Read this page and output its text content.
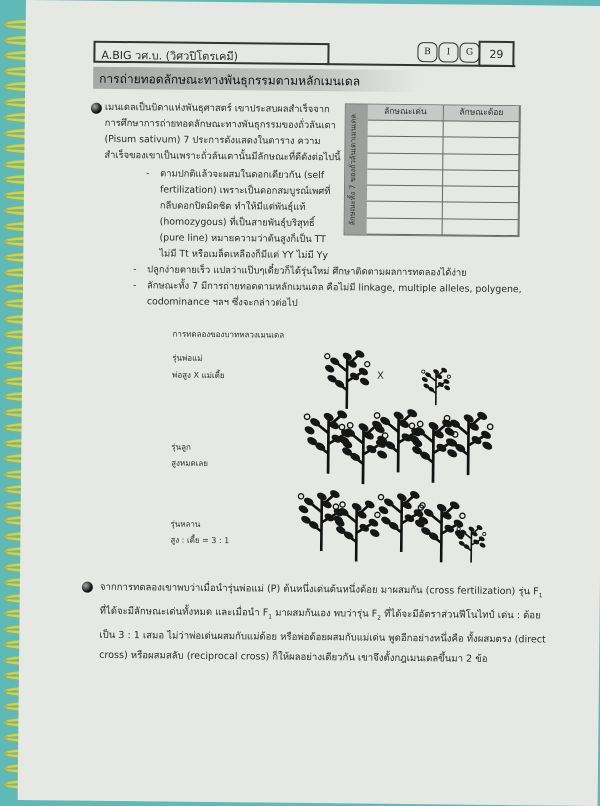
A.BIG วศ.บ. (วิศวปิโตรเคมี)	B	I	G	29
การถ่ายทอดลักษณะทางพันธุกรรมตามหลักเมนเดล
ลักษณะทั้ง 7 ของถั่วลันเตาเมนเดล
ลักษณะเด่น	ลักษณะด้อย
เมนเดลเป็นบิดาแห่งพันธุศาสตร์ เขาประสบผลสำเร็จจากการศึกษาการถ่ายทอดลักษณะทางพันธุกรรมของถั่วลันเตา (Pisum sativum) 7 ประการดังแสดงในตาราง ความสำเร็จของเขาเป็นเพราะถั่วลันเตานั้นมีลักษณะที่ดีดังต่อไปนี้
- ตามปกติแล้วจะผสมในดอกเดียวกัน (self fertilization) เพราะเป็นดอกสมบูรณ์เพศที่กลีบดอกปิดมิดชิด ทำให้มีแต่พันธุ์แท้ (homozygous) ที่เป็นสายพันธุ์บริสุทธิ์ (pure line) หมายความว่าต้นสูงก็เป็น TT ไม่มี Tt หรือเมล็ดเหลืองก็มีแต่ YY ไม่มี Yy
- ปลูกง่ายตายเร็ว แปลว่าแป๊บๆเดี๋ยวก็ได้รุ่นใหม่ ศึกษาติดตามผลการทดลองได้ง่าย
- ลักษณะทั้ง 7 มีการถ่ายทอดตามหลักเมนเดล คือไม่มี linkage, multiple alleles, polygene, codominance ฯลฯ ซึ่งจะกล่าวต่อไป
การทดลองของบาทหลวงเมนเดล
รุ่นพ่อแม่
พ่อสูง X แม่เตี้ย	X
รุ่นลูก
สูงหมดเลย
รุ่นหลาน
สูง : เตี้ย = 3 : 1
จากการทดลองเขาพบว่าเมื่อนำรุ่นพ่อแม่ (P) ต้นหนึ่งเด่นต้นหนึ่งด้อย มาผสมกัน (cross fertilization) รุ่น $F_1$ ที่ได้จะมีลักษณะเด่นทั้งหมด และเมื่อนำ $F_1$ มาผสมกันเอง พบว่ารุ่น $F_2$ ที่ได้จะมีอัตราส่วนฟีโนไทป์ เด่น : ด้อย เป็น 3 : 1 เสมอ ไม่ว่าพ่อเด่นผสมกับแม่ด้อย หรือพ่อด้อยผสมกับแม่เด่น พูดอีกอย่างหนึ่งคือ ทั้งผสมตรง (direct cross) หรือผสมสลับ (reciprocal cross) ก็ให้ผลอย่างเดียวกัน เขาจึงตั้งกฎเมนเดลขึ้นมา 2 ข้อ
